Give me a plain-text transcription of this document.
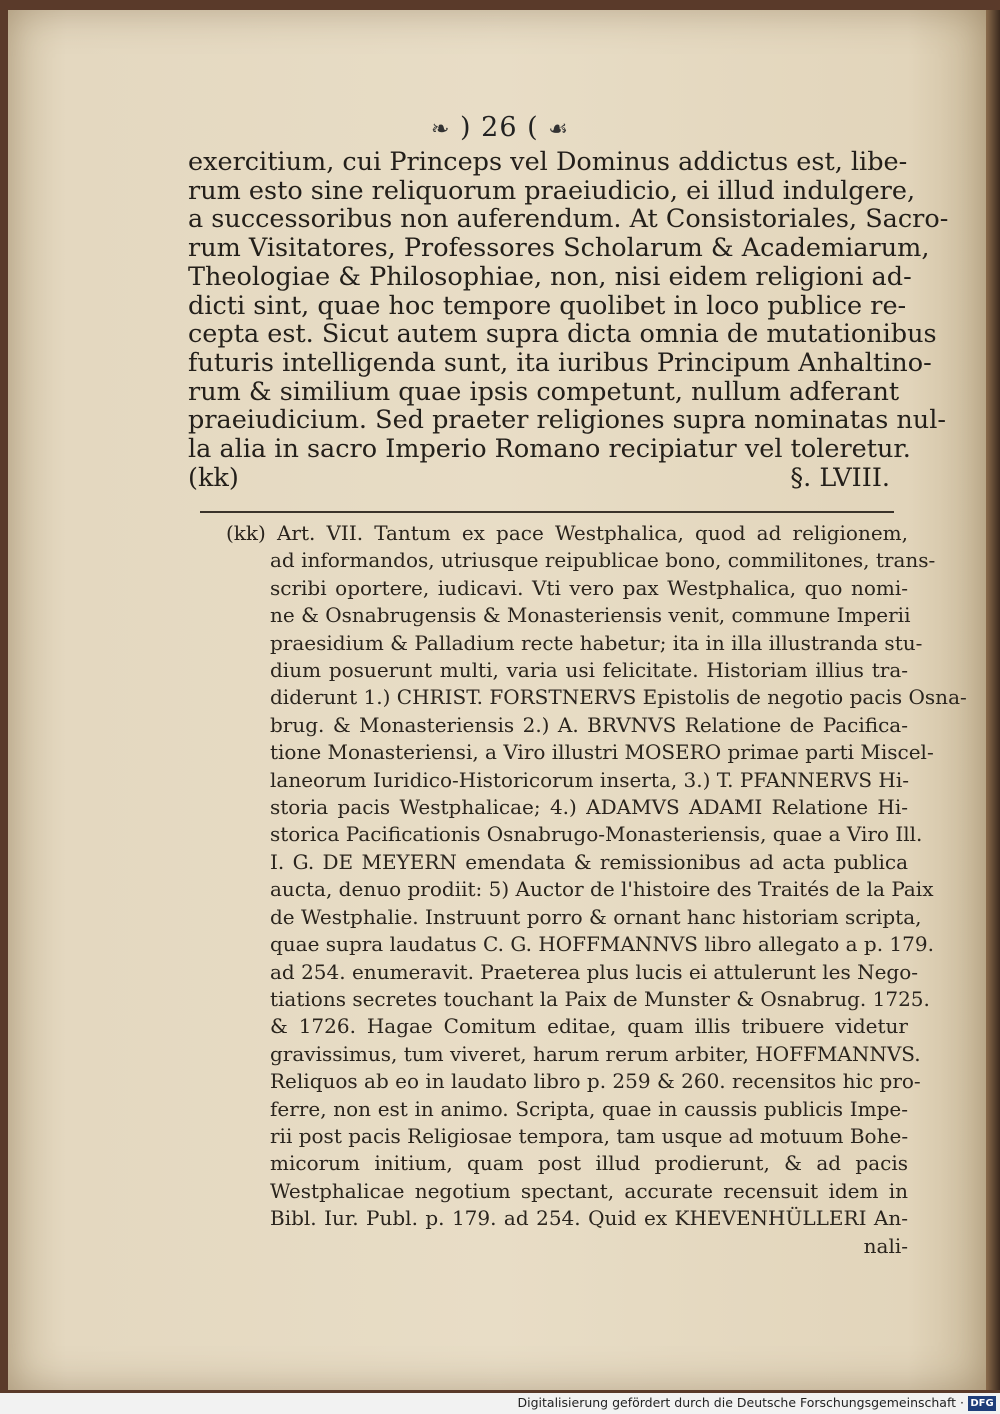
❧ ) 26 ( ☙
exercitium, cui Princeps vel Dominus addictus est, libe-
rum esto sine reliquorum praeiudicio, ei illud indulgere,
a successoribus non auferendum. At Consistoriales, Sacro-
rum Visitatores, Professores Scholarum & Academiarum,
Theologiae & Philosophiae, non, nisi eidem religioni ad-
dicti sint, quae hoc tempore quolibet in loco publice re-
cepta est. Sicut autem supra dicta omnia de mutationibus
futuris intelligenda sunt, ita iuribus Principum Anhaltino-
rum & similium quae ipsis competunt, nullum adferant
praeiudicium. Sed praeter religiones supra nominatas nul-
la alia in sacro Imperio Romano recipiatur vel toleretur.
(kk)	§. LVIII.
(kk) Art. VII. Tantum ex pace Westphalica, quod ad religionem,
ad informandos, utriusque reipublicae bono, commilitones, trans-
scribi oportere, iudicavi. Vti vero pax Westphalica, quo nomi-
ne & Osnabrugensis & Monasteriensis venit, commune Imperii
praesidium & Palladium recte habetur; ita in illa illustranda stu-
dium posuerunt multi, varia usi felicitate. Historiam illius tra-
diderunt 1.) CHRIST. FORSTNERVS Epistolis de negotio pacis Osna-
brug. & Monasteriensis 2.) A. BRVNVS Relatione de Pacifica-
tione Monasteriensi, a Viro illustri MOSERO primae parti Miscel-
laneorum Iuridico-Historicorum inserta, 3.) T. PFANNERVS Hi-
storia pacis Westphalicae; 4.) ADAMVS ADAMI Relatione Hi-
storica Pacificationis Osnabrugo-Monasteriensis, quae a Viro Ill.
I. G. DE MEYERN emendata & remissionibus ad acta publica
aucta, denuo prodiit: 5) Auctor de l'histoire des Traités de la Paix
de Westphalie. Instruunt porro & ornant hanc historiam scripta,
quae supra laudatus C. G. HOFFMANNVS libro allegato a p. 179.
ad 254. enumeravit. Praeterea plus lucis ei attulerunt les Nego-
tiations secretes touchant la Paix de Munster & Osnabrug. 1725.
& 1726. Hagae Comitum editae, quam illis tribuere videtur
gravissimus, tum viveret, harum rerum arbiter, HOFFMANNVS.
Reliquos ab eo in laudato libro p. 259 & 260. recensitos hic pro-
ferre, non est in animo. Scripta, quae in caussis publicis Impe-
rii post pacis Religiosae tempora, tam usque ad motuum Bohe-
micorum initium, quam post illud prodierunt, & ad pacis
Westphalicae negotium spectant, accurate recensuit idem in
Bibl. Iur. Publ. p. 179. ad 254. Quid ex KHEVENHÜLLERI An-
nali-
Digitalisierung gefördert durch die Deutsche Forschungsgemeinschaft · DFG
